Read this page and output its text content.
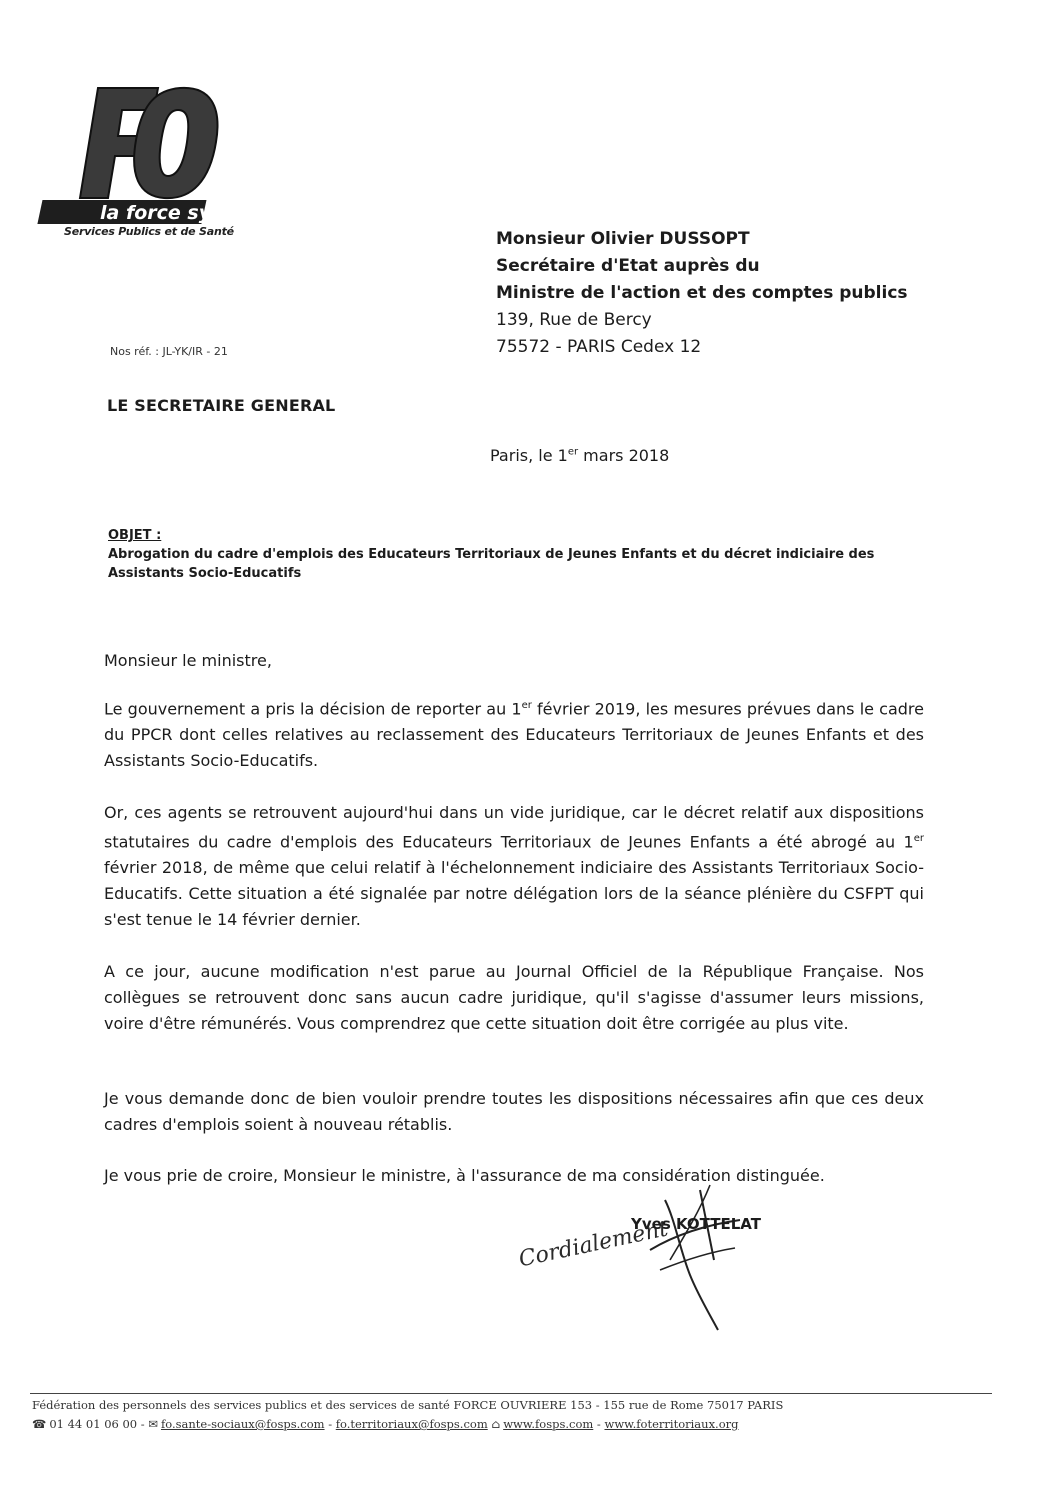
la force syndicale
Services Publics et de Santé	Monsieur Olivier DUSSOPT
Secrétaire d'Etat auprès du
Ministre de l'action et des comptes publics
139, Rue de Bercy
75572 - PARIS Cedex 12
Nos réf. : JL-YK/IR - 21
LE SECRETAIRE GENERAL
Paris, le 1er mars 2018
OBJET :
Abrogation du cadre d'emplois des Educateurs Territoriaux de Jeunes Enfants et du décret indiciaire des Assistants Socio-Educatifs
Monsieur le ministre,
Le gouvernement a pris la décision de reporter au 1er février 2019, les mesures prévues dans le cadre du PPCR dont celles relatives au reclassement des Educateurs Territoriaux de Jeunes Enfants et des Assistants Socio-Educatifs.
Or, ces agents se retrouvent aujourd'hui dans un vide juridique, car le décret relatif aux dispositions statutaires du cadre d'emplois des Educateurs Territoriaux de Jeunes Enfants a été abrogé au 1er février 2018, de même que celui relatif à l'échelonnement indiciaire des Assistants Territoriaux Socio-Educatifs. Cette situation a été signalée par notre délégation lors de la séance plénière du CSFPT qui s'est tenue le 14 février dernier.
A ce jour, aucune modification n'est parue au Journal Officiel de la République Française. Nos collègues se retrouvent donc sans aucun cadre juridique, qu'il s'agisse d'assumer leurs missions, voire d'être rémunérés. Vous comprendrez que cette situation doit être corrigée au plus vite.
Je vous demande donc de bien vouloir prendre toutes les dispositions nécessaires afin que ces deux cadres d'emplois soient à nouveau rétablis.
Je vous prie de croire, Monsieur le ministre, à l'assurance de ma considération distinguée.
Cordialement
Yves KOTTELAT
Fédération des personnels des services publics et des services de santé FORCE OUVRIERE 153 - 155 rue de Rome 75017 PARIS
☎ 01 44 01 06 00 - ✉ fo.sante-sociaux@fosps.com - fo.territoriaux@fosps.com ⌂ www.fosps.com - www.foterritoriaux.org
